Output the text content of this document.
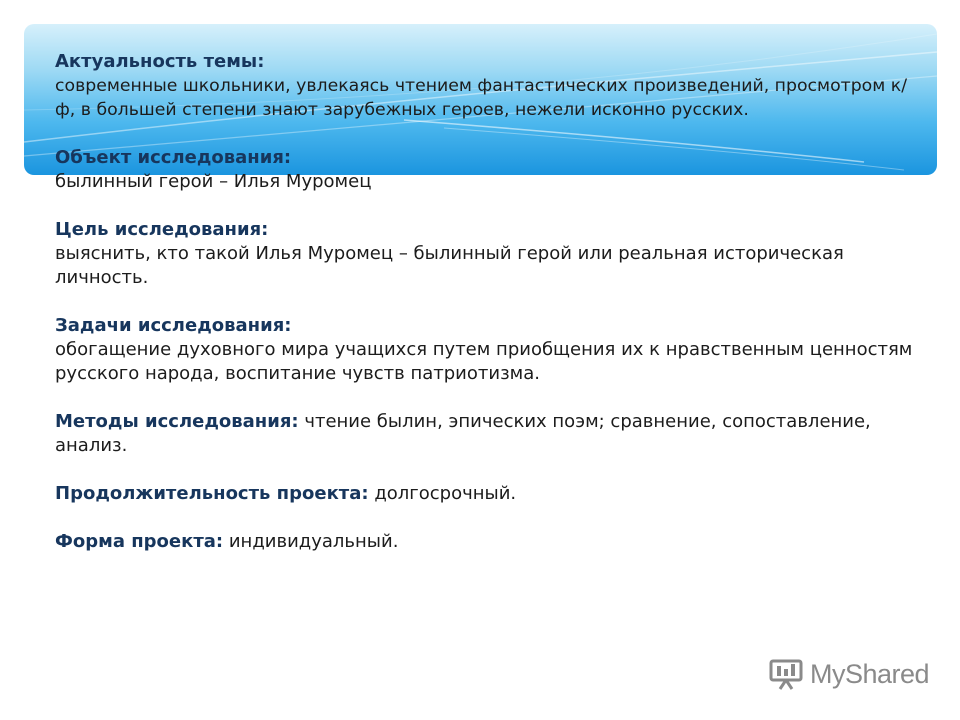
Актуальность темы:
современные школьники, увлекаясь чтением фантастических произведений, просмотром к/ф, в большей степени знают зарубежных героев, нежели исконно русских.

Объект исследования:
былинный герой – Илья Муромец

Цель исследования:
выяснить, кто такой Илья Муромец – былинный герой или реальная историческая личность.

Задачи исследования:
обогащение духовного мира учащихся путем приобщения их к нравственным ценностям русского народа, воспитание чувств патриотизма.

Методы исследования: чтение былин, эпических поэм; сравнение, сопоставление, анализ.

Продолжительность проекта: долгосрочный.

Форма проекта: индивидуальный.

MyShared
